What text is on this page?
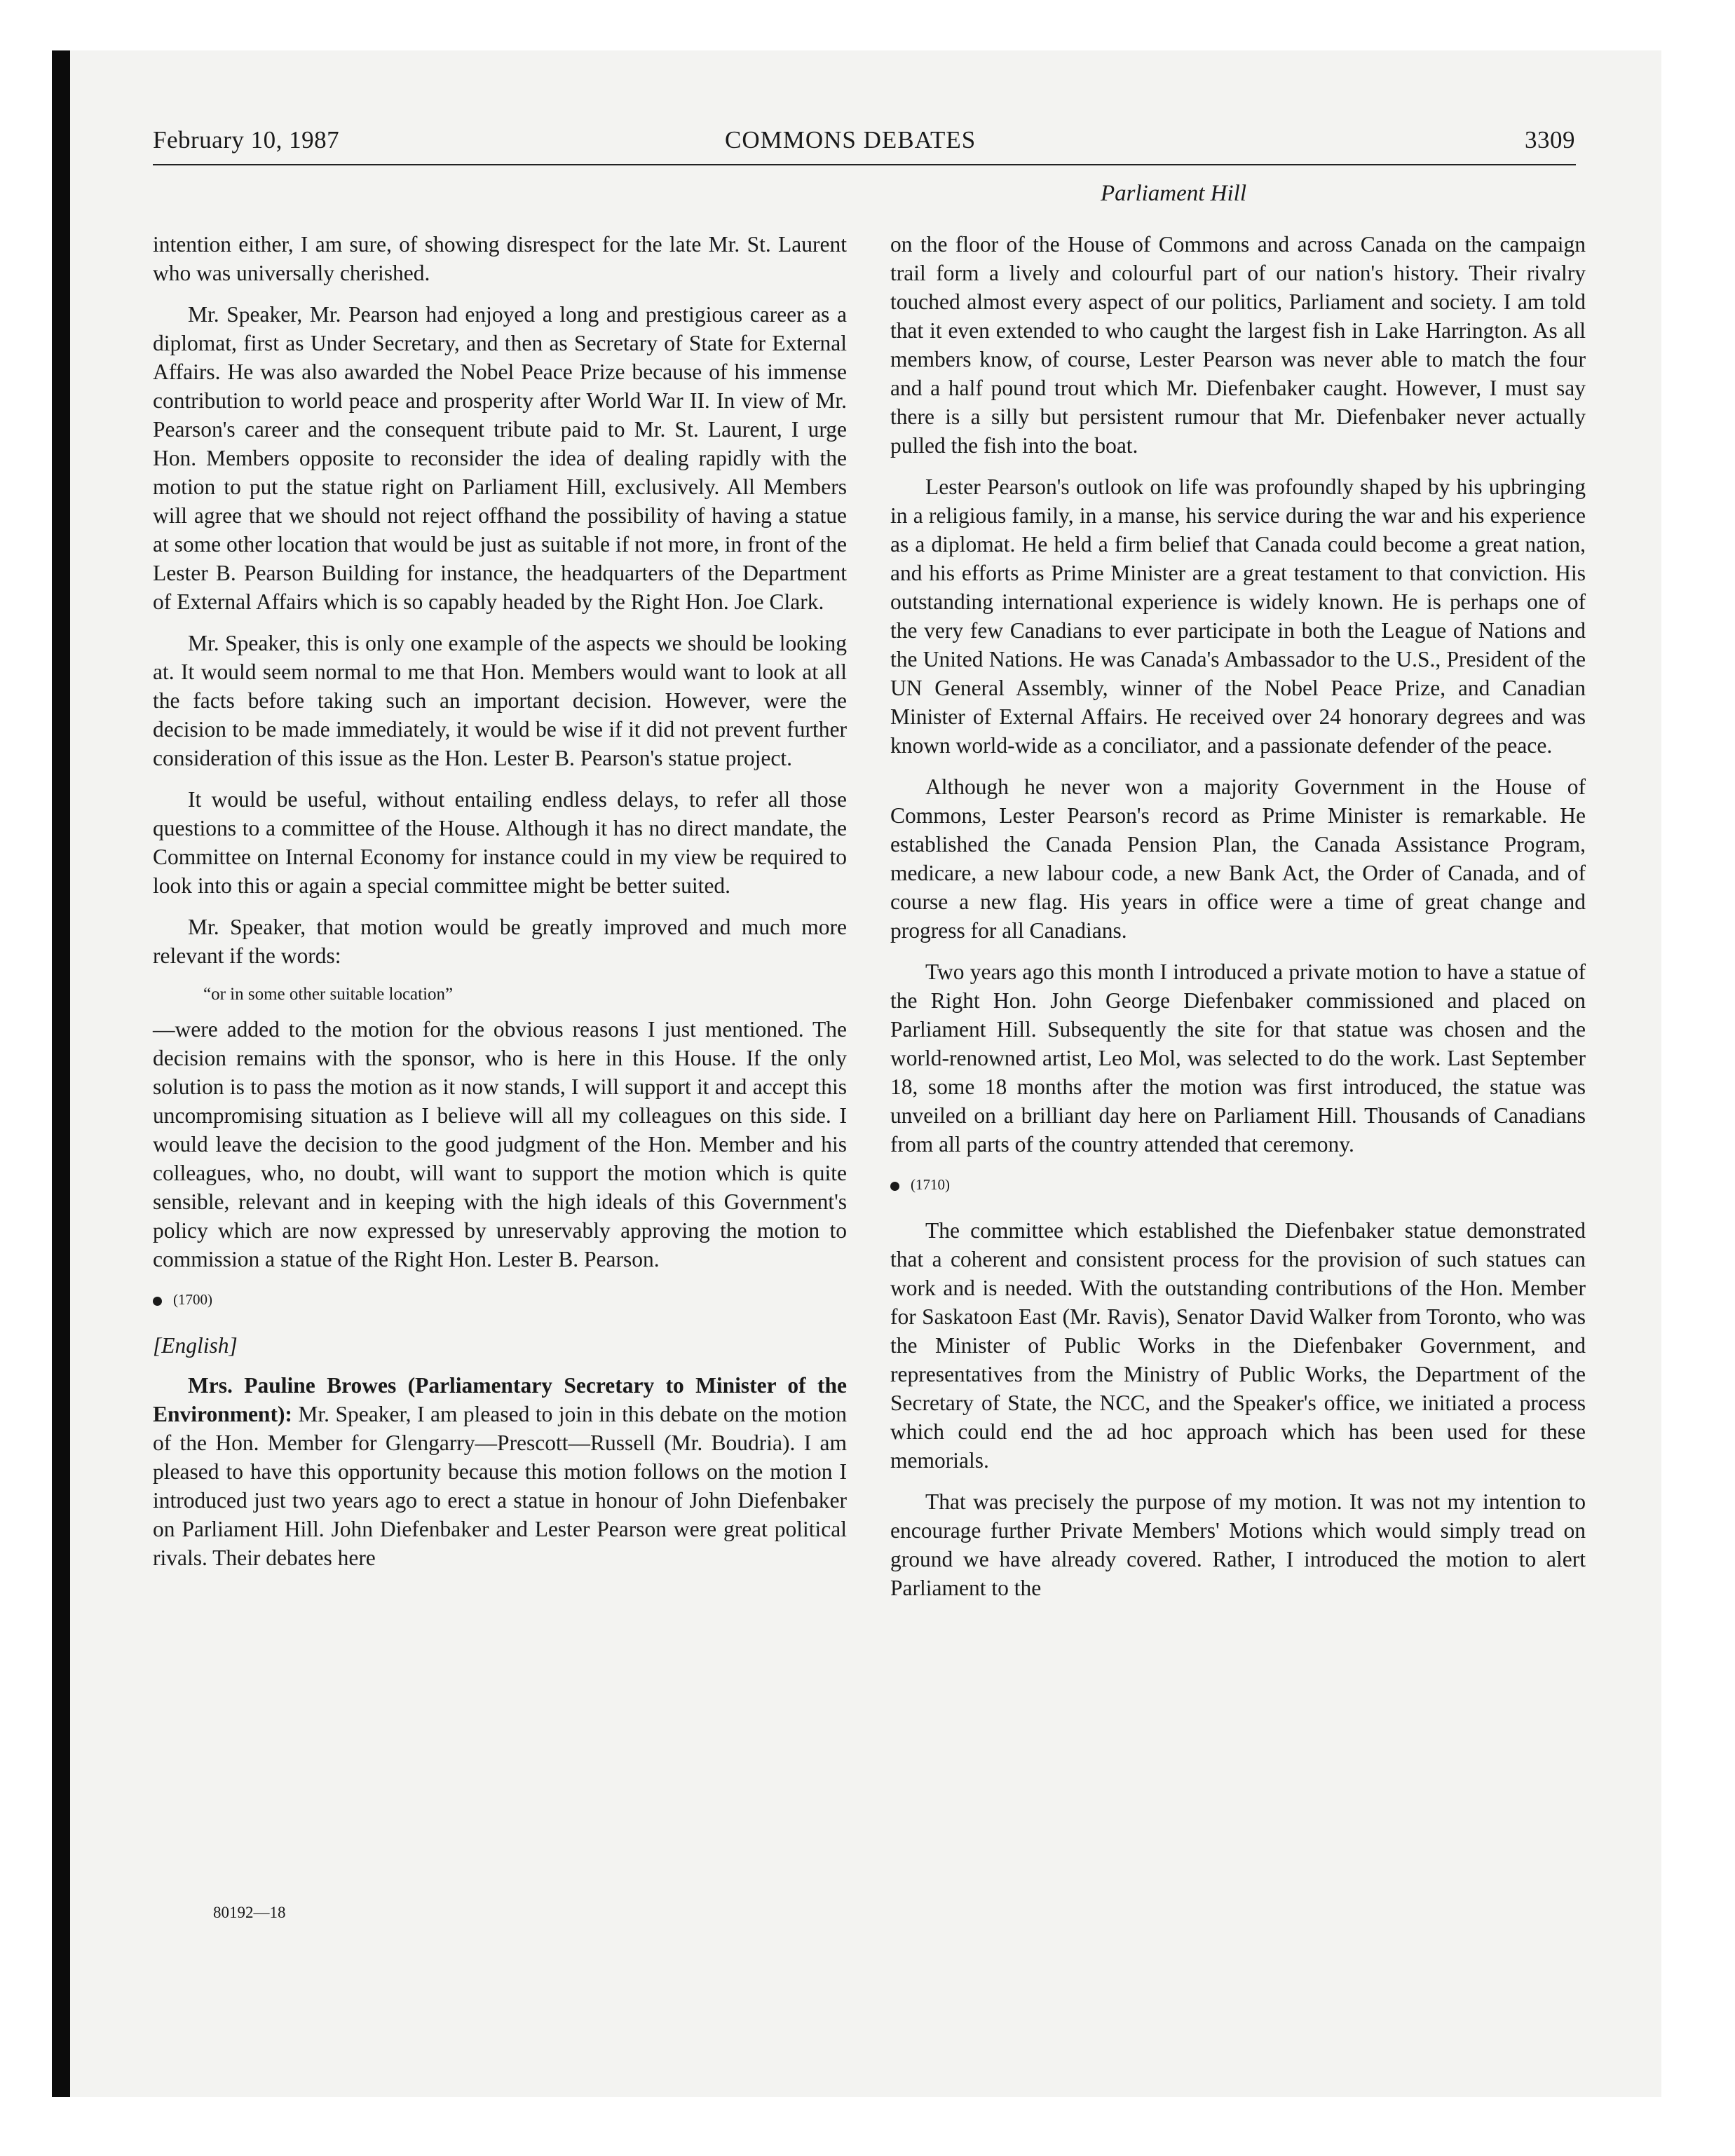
February 10, 1987	COMMONS DEBATES	3309
Parliament Hill

intention either, I am sure, of showing disrespect for the late Mr. St. Laurent who was universally cherished.

Mr. Speaker, Mr. Pearson had enjoyed a long and prestigious career as a diplomat, first as Under Secretary, and then as Secretary of State for External Affairs. He was also awarded the Nobel Peace Prize because of his immense contribution to world peace and prosperity after World War II. In view of Mr. Pearson's career and the consequent tribute paid to Mr. St. Laurent, I urge Hon. Members opposite to reconsider the idea of dealing rapidly with the motion to put the statue right on Parliament Hill, exclusively. All Members will agree that we should not reject offhand the possibility of having a statue at some other location that would be just as suitable if not more, in front of the Lester B. Pearson Building for instance, the headquarters of the Department of External Affairs which is so capably headed by the Right Hon. Joe Clark.

Mr. Speaker, this is only one example of the aspects we should be looking at. It would seem normal to me that Hon. Members would want to look at all the facts before taking such an important decision. However, were the decision to be made immediately, it would be wise if it did not prevent further consideration of this issue as the Hon. Lester B. Pearson's statue project.

It would be useful, without entailing endless delays, to refer all those questions to a committee of the House. Although it has no direct mandate, the Committee on Internal Economy for instance could in my view be required to look into this or again a special committee might be better suited.

Mr. Speaker, that motion would be greatly improved and much more relevant if the words:

“or in some other suitable location”

—were added to the motion for the obvious reasons I just mentioned. The decision remains with the sponsor, who is here in this House. If the only solution is to pass the motion as it now stands, I will support it and accept this uncompromising situation as I believe will all my colleagues on this side. I would leave the decision to the good judgment of the Hon. Member and his colleagues, who, no doubt, will want to support the motion which is quite sensible, relevant and in keeping with the high ideals of this Government's policy which are now expressed by unreservably approving the motion to commission a statue of the Right Hon. Lester B. Pearson.

(1700)
[English]

Mrs. Pauline Browes (Parliamentary Secretary to Minister of the Environment): Mr. Speaker, I am pleased to join in this debate on the motion of the Hon. Member for Glengarry—Prescott—Russell (Mr. Boudria). I am pleased to have this opportunity because this motion follows on the motion I introduced just two years ago to erect a statue in honour of John Diefenbaker on Parliament Hill. John Diefenbaker and Lester Pearson were great political rivals. Their debates here

on the floor of the House of Commons and across Canada on the campaign trail form a lively and colourful part of our nation's history. Their rivalry touched almost every aspect of our politics, Parliament and society. I am told that it even extended to who caught the largest fish in Lake Harrington. As all members know, of course, Lester Pearson was never able to match the four and a half pound trout which Mr. Diefenbaker caught. However, I must say there is a silly but persistent rumour that Mr. Diefenbaker never actually pulled the fish into the boat.

Lester Pearson's outlook on life was profoundly shaped by his upbringing in a religious family, in a manse, his service during the war and his experience as a diplomat. He held a firm belief that Canada could become a great nation, and his efforts as Prime Minister are a great testament to that conviction. His outstanding international experience is widely known. He is perhaps one of the very few Canadians to ever participate in both the League of Nations and the United Nations. He was Canada's Ambassador to the U.S., President of the UN General Assembly, winner of the Nobel Peace Prize, and Canadian Minister of External Affairs. He received over 24 honorary degrees and was known world-wide as a conciliator, and a passionate defender of the peace.

Although he never won a majority Government in the House of Commons, Lester Pearson's record as Prime Minister is remarkable. He established the Canada Pension Plan, the Canada Assistance Program, medicare, a new labour code, a new Bank Act, the Order of Canada, and of course a new flag. His years in office were a time of great change and progress for all Canadians.

Two years ago this month I introduced a private motion to have a statue of the Right Hon. John George Diefenbaker commissioned and placed on Parliament Hill. Subsequently the site for that statue was chosen and the world-renowned artist, Leo Mol, was selected to do the work. Last September 18, some 18 months after the motion was first introduced, the statue was unveiled on a brilliant day here on Parliament Hill. Thousands of Canadians from all parts of the country attended that ceremony.

(1710)

The committee which established the Diefenbaker statue demonstrated that a coherent and consistent process for the provision of such statues can work and is needed. With the outstanding contributions of the Hon. Member for Saskatoon East (Mr. Ravis), Senator David Walker from Toronto, who was the Minister of Public Works in the Diefenbaker Government, and representatives from the Ministry of Public Works, the Department of the Secretary of State, the NCC, and the Speaker's office, we initiated a process which could end the ad hoc approach which has been used for these memorials.

That was precisely the purpose of my motion. It was not my intention to encourage further Private Members' Motions which would simply tread on ground we have already covered. Rather, I introduced the motion to alert Parliament to the

80192—18
